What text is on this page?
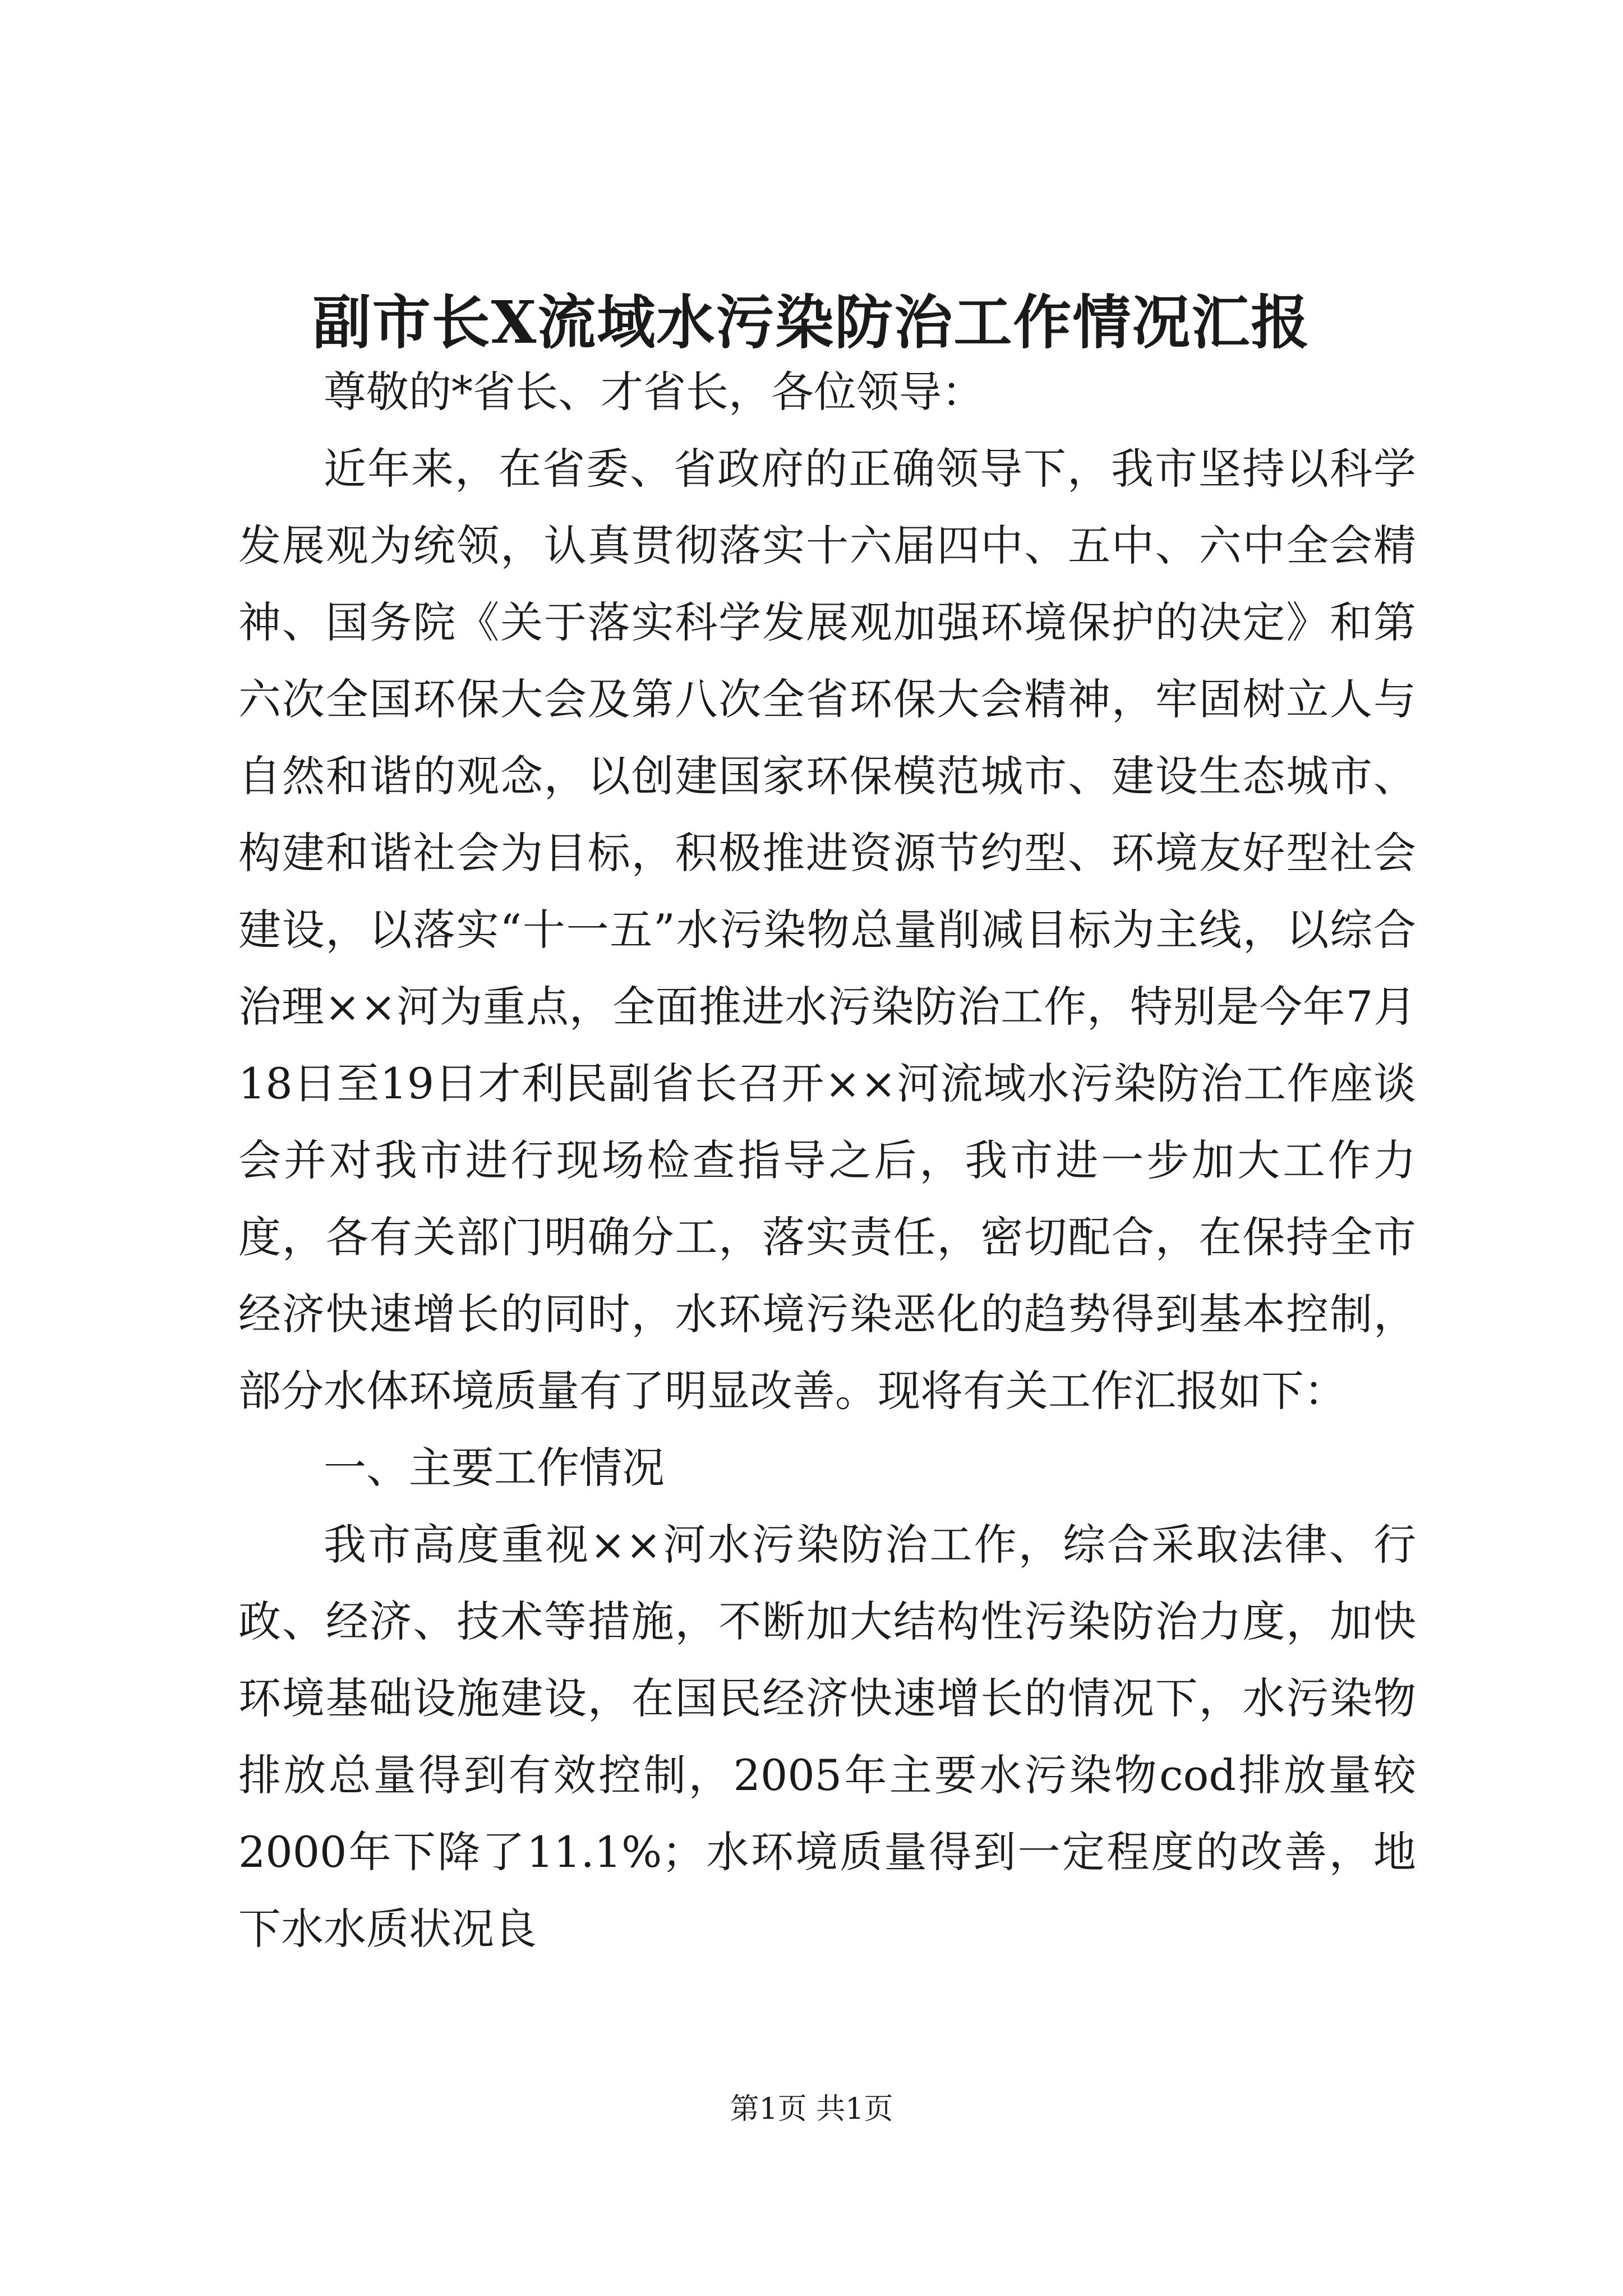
副市长X流域水污染防治工作情况汇报

尊敬的*省长、才省长，各位领导：

近年来，在省委、省政府的正确领导下，我市坚持以科学发展观为统领，认真贯彻落实十六届四中、五中、六中全会精神、国务院《关于落实科学发展观加强环境保护的决定》和第六次全国环保大会及第八次全省环保大会精神，牢固树立人与自然和谐的观念，以创建国家环保模范城市、建设生态城市、构建和谐社会为目标，积极推进资源节约型、环境友好型社会建设，以落实“十一五”水污染物总量削减目标为主线，以综合治理××河为重点，全面推进水污染防治工作，特别是今年7月18日至19日才利民副省长召开××河流域水污染防治工作座谈会并对我市进行现场检查指导之后，我市进一步加大工作力度，各有关部门明确分工，落实责任，密切配合，在保持全市经济快速增长的同时，水环境污染恶化的趋势得到基本控制，部分水体环境质量有了明显改善。现将有关工作汇报如下：

一、主要工作情况

我市高度重视××河水污染防治工作，综合采取法律、行政、经济、技术等措施，不断加大结构性污染防治力度，加快环境基础设施建设，在国民经济快速增长的情况下，水污染物排放总量得到有效控制，2005年主要水污染物cod排放量较2000年下降了11.1%；水环境质量得到一定程度的改善，地下水水质状况良

第1页 共1页
